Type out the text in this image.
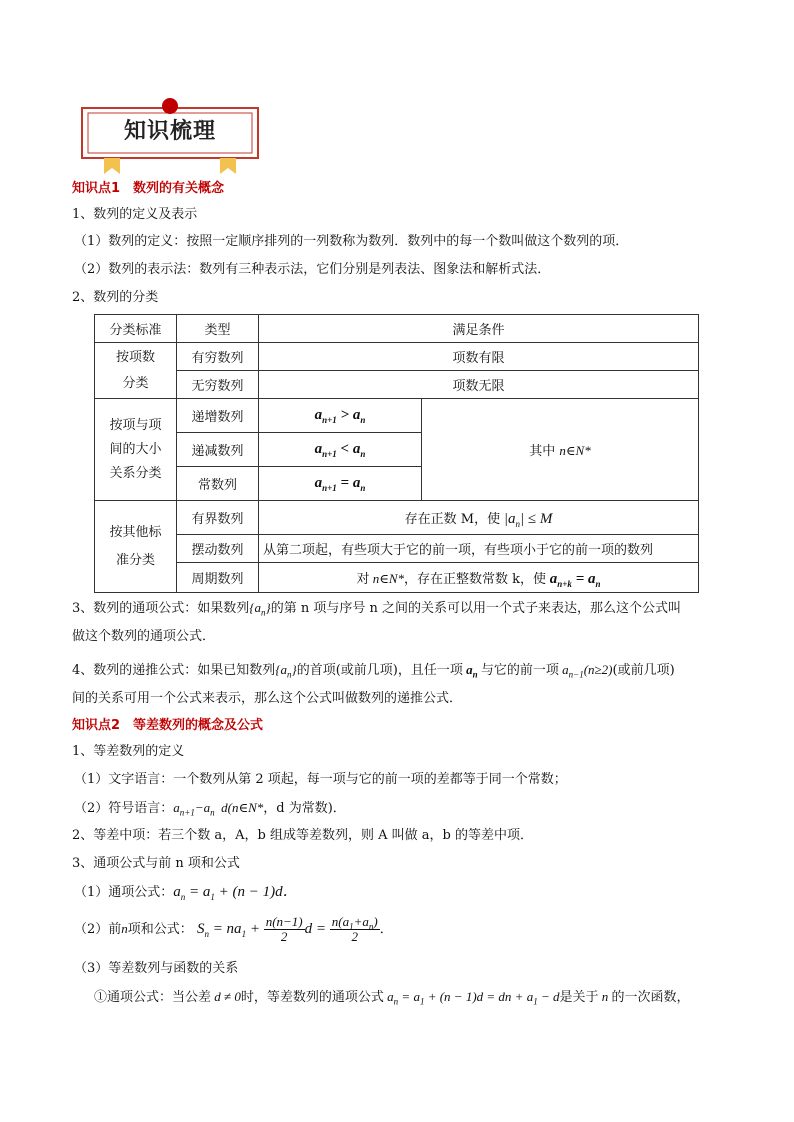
知识梳理
知识点1　数列的有关概念
1、数列的定义及表示
（1）数列的定义：按照一定顺序排列的一列数称为数列．数列中的每一个数叫做这个数列的项．
（2）数列的表示法：数列有三种表示法，它们分别是列表法、图象法和解析式法．
2、数列的分类
分类标准	类型	满足条件	
按项数
分类	有穷数列	项数有限	
	无穷数列	项数无限	
按项与项
间的大小
关系分类	递增数列	$a_{n+1} > a_n$	其中 n∈N*
	递减数列	$a_{n+1} < a_n$
	常数列	$a_{n+1} = a_n$
按其他标
准分类	有界数列	存在正数 M，使 $|a_n| \le M$	
	摆动数列	从第二项起，有些项大于它的前一项，有些项小于它的前一项的数列	
	周期数列	对 n∈N*，存在正整数常数 k，使 $a_{n+k} = a_n$
3、数列的通项公式：如果数列$\{a_n\}$的第 n 项与序号 n 之间的关系可以用一个式子来表达，那么这个公式叫
做这个数列的通项公式．
4、数列的递推公式：如果已知数列$\{a_n\}$的首项(或前几项)，且任一项 $a_n$ 与它的前一项 $a_{n-1}(n\ge 2)$(或前几项)
间的关系可用一个公式来表示，那么这个公式叫做数列的递推公式．
知识点2　等差数列的概念及公式
1、等差数列的定义
（1）文字语言：一个数列从第 2 项起，每一项与它的前一项的差都等于同一个常数；
（2）符号语言：$a_{n+1}-a_n$  d(n∈N*，d 为常数)．
2、等差中项：若三个数 a，A，b 组成等差数列，则 A 叫做 a，b 的等差中项．
3、通项公式与前 n 项和公式
（1）通项公式：$a_n = a_1 + (n - 1)d$．
（2）前n项和公式： $S_n = na_1 + \frac{n(n-1)}{2}$ $d = \frac{n(a_1+a_n)}{2}$ ．
（3）等差数列与函数的关系
①通项公式：当公差 d ≠ 0时，等差数列的通项公式 $a_n = a_1 + (n - 1)d$ = dn + $a_1 - d$是关于 n 的一次函数，
